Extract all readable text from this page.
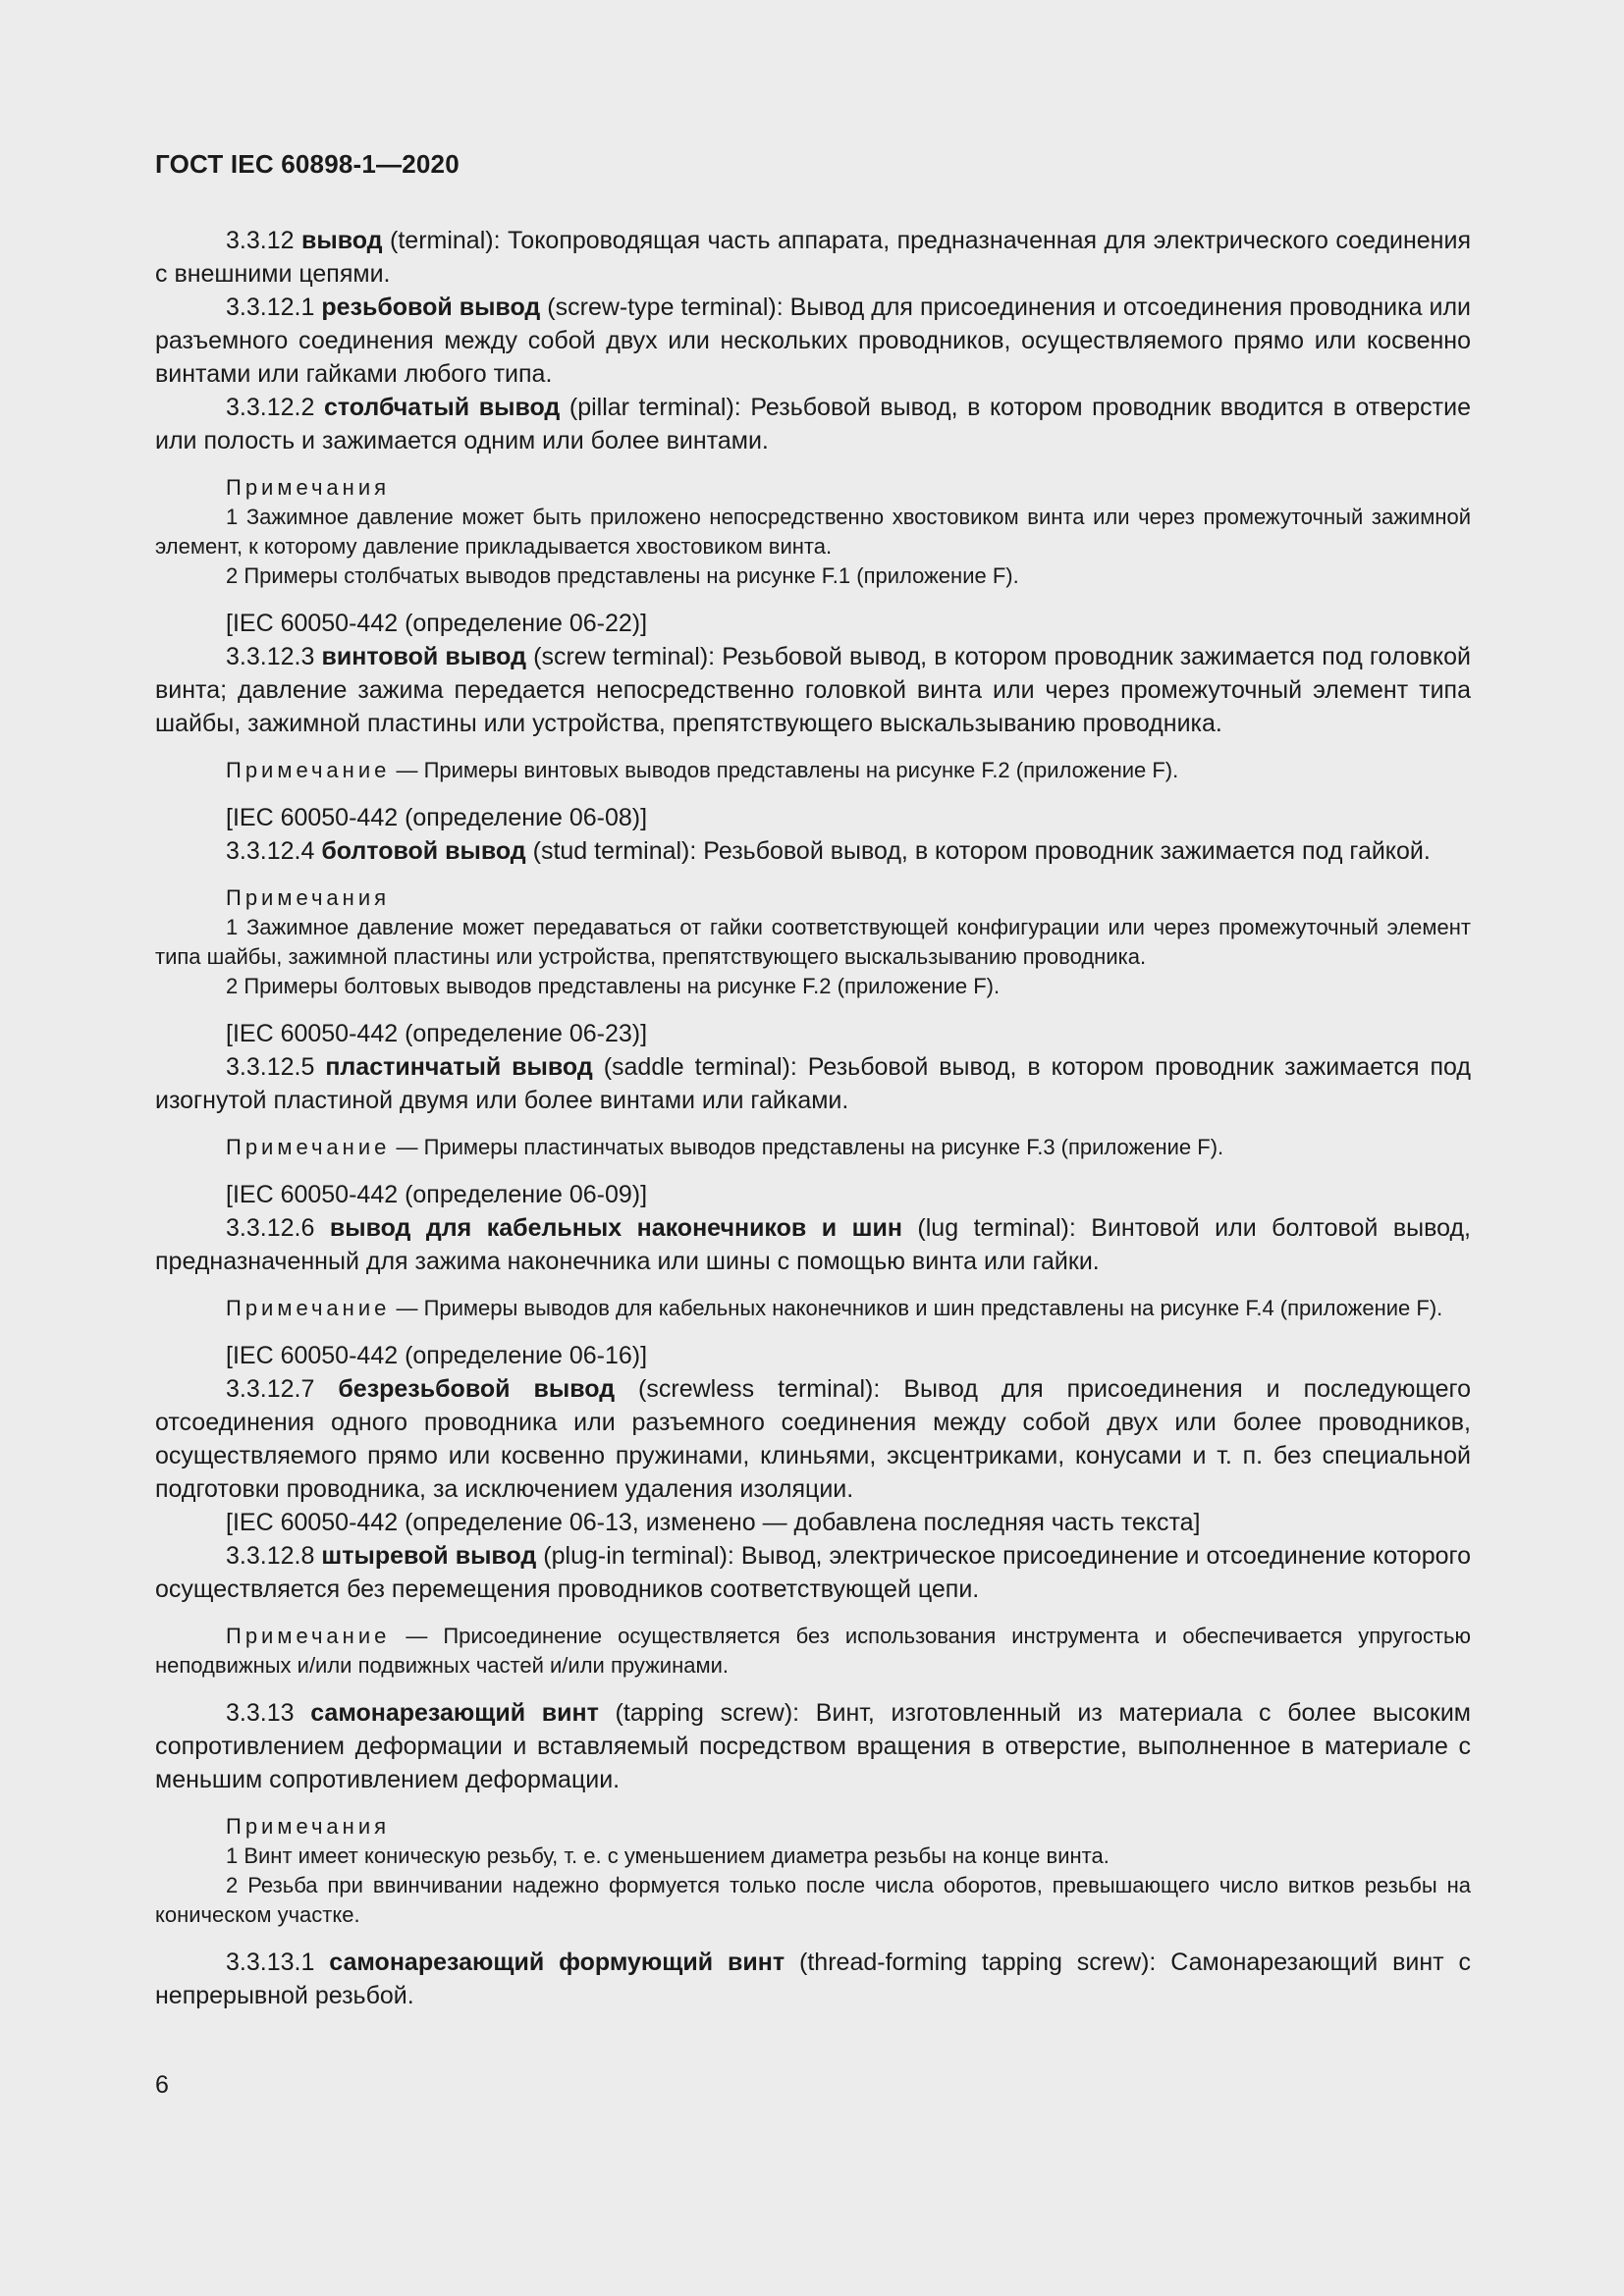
ГОСТ IEC 60898-1—2020

3.3.12 вывод (terminal): Токопроводящая часть аппарата, предназначенная для электрического соединения с внешними цепями.

3.3.12.1 резьбовой вывод (screw-type terminal): Вывод для присоединения и отсоединения проводника или разъемного соединения между собой двух или нескольких проводников, осуществляемого прямо или косвенно винтами или гайками любого типа.

3.3.12.2 столбчатый вывод (pillar terminal): Резьбовой вывод, в котором проводник вводится в отверстие или полость и зажимается одним или более винтами.

Примечания

1 Зажимное давление может быть приложено непосредственно хвостовиком винта или через промежуточный зажимной элемент, к которому давление прикладывается хвостовиком винта.

2 Примеры столбчатых выводов представлены на рисунке F.1 (приложение F).

[IEC 60050-442 (определение 06-22)]

3.3.12.3 винтовой вывод (screw terminal): Резьбовой вывод, в котором проводник зажимается под головкой винта; давление зажима передается непосредственно головкой винта или через промежуточный элемент типа шайбы, зажимной пластины или устройства, препятствующего выскальзыванию проводника.

Примечание — Примеры винтовых выводов представлены на рисунке F.2 (приложение F).

[IEC 60050-442 (определение 06-08)]

3.3.12.4 болтовой вывод (stud terminal): Резьбовой вывод, в котором проводник зажимается под гайкой.

Примечания

1 Зажимное давление может передаваться от гайки соответствующей конфигурации или через промежуточный элемент типа шайбы, зажимной пластины или устройства, препятствующего выскальзыванию проводника.

2 Примеры болтовых выводов представлены на рисунке F.2 (приложение F).

[IEC 60050-442 (определение 06-23)]

3.3.12.5 пластинчатый вывод (saddle terminal): Резьбовой вывод, в котором проводник зажимается под изогнутой пластиной двумя или более винтами или гайками.

Примечание — Примеры пластинчатых выводов представлены на рисунке F.3 (приложение F).

[IEC 60050-442 (определение 06-09)]

3.3.12.6 вывод для кабельных наконечников и шин (lug terminal): Винтовой или болтовой вывод, предназначенный для зажима наконечника или шины с помощью винта или гайки.

Примечание — Примеры выводов для кабельных наконечников и шин представлены на рисунке F.4 (приложение F).

[IEC 60050-442 (определение 06-16)]

3.3.12.7 безрезьбовой вывод (screwless terminal): Вывод для присоединения и последующего отсоединения одного проводника или разъемного соединения между собой двух или более проводников, осуществляемого прямо или косвенно пружинами, клиньями, эксцентриками, конусами и т. п. без специальной подготовки проводника, за исключением удаления изоляции.

[IEC 60050-442 (определение 06-13, изменено — добавлена последняя часть текста]

3.3.12.8 штыревой вывод (plug-in terminal): Вывод, электрическое присоединение и отсоединение которого осуществляется без перемещения проводников соответствующей цепи.

Примечание — Присоединение осуществляется без использования инструмента и обеспечивается упругостью неподвижных и/или подвижных частей и/или пружинами.

3.3.13 самонарезающий винт (tapping screw): Винт, изготовленный из материала с более высоким сопротивлением деформации и вставляемый посредством вращения в отверстие, выполненное в материале с меньшим сопротивлением деформации.

Примечания

1 Винт имеет коническую резьбу, т. е. с уменьшением диаметра резьбы на конце винта.

2 Резьба при ввинчивании надежно формуется только после числа оборотов, превышающего число витков резьбы на коническом участке.

3.3.13.1 самонарезающий формующий винт (thread-forming tapping screw): Самонарезающий винт с непрерывной резьбой.

6
